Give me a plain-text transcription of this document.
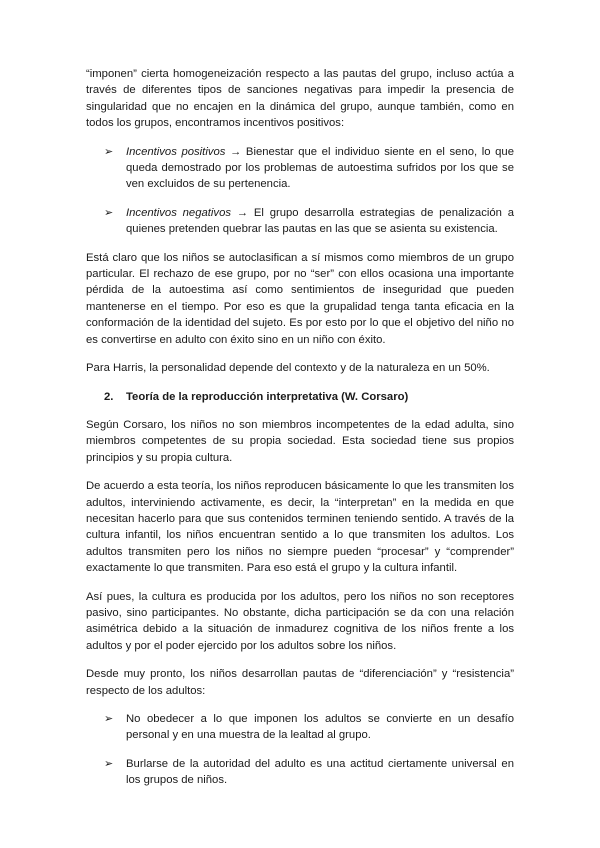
“imponen” cierta homogeneización respecto a las pautas del grupo, incluso actúa a través de diferentes tipos de sanciones negativas para impedir la presencia de singularidad que no encajen en la dinámica del grupo, aunque también, como en todos los grupos, encontramos incentivos positivos:

➢	Incentivos positivos → Bienestar que el individuo siente en el seno, lo que queda demostrado por los problemas de autoestima sufridos por los que se ven excluidos de su pertenencia.
➢	Incentivos negativos → El grupo desarrolla estrategias de penalización a quienes pretenden quebrar las pautas en las que se asienta su existencia.

Está claro que los niños se autoclasifican a sí mismos como miembros de un grupo particular. El rechazo de ese grupo, por no “ser” con ellos ocasiona una importante pérdida de la autoestima así como sentimientos de inseguridad que pueden mantenerse en el tiempo. Por eso es que la grupalidad tenga tanta eficacia en la conformación de la identidad del sujeto. Es por esto por lo que el objetivo del niño no es convertirse en adulto con éxito sino en un niño con éxito.

Para Harris, la personalidad depende del contexto y de la naturaleza en un 50%.

2.	Teoría de la reproducción interpretativa (W. Corsaro)

Según Corsaro, los niños no son miembros incompetentes de la edad adulta, sino miembros competentes de su propia sociedad. Esta sociedad tiene sus propios principios y su propia cultura.

De acuerdo a esta teoría, los niños reproducen básicamente lo que les transmiten los adultos, interviniendo activamente, es decir, la “interpretan” en la medida en que necesitan hacerlo para que sus contenidos terminen teniendo sentido. A través de la cultura infantil, los niños encuentran sentido a lo que transmiten los adultos. Los adultos transmiten pero los niños no siempre pueden “procesar” y “comprender” exactamente lo que transmiten. Para eso está el grupo y la cultura infantil.

Así pues, la cultura es producida por los adultos, pero los niños no son receptores pasivo, sino participantes. No obstante, dicha participación se da con una relación asimétrica debido a la situación de inmadurez cognitiva de los niños frente a los adultos y por el poder ejercido por los adultos sobre los niños.

Desde muy pronto, los niños desarrollan pautas de “diferenciación” y “resistencia” respecto de los adultos:

➢	No obedecer a lo que imponen los adultos se convierte en un desafío personal y en una muestra de la lealtad al grupo.
➢	Burlarse de la autoridad del adulto es una actitud ciertamente universal en los grupos de niños.
